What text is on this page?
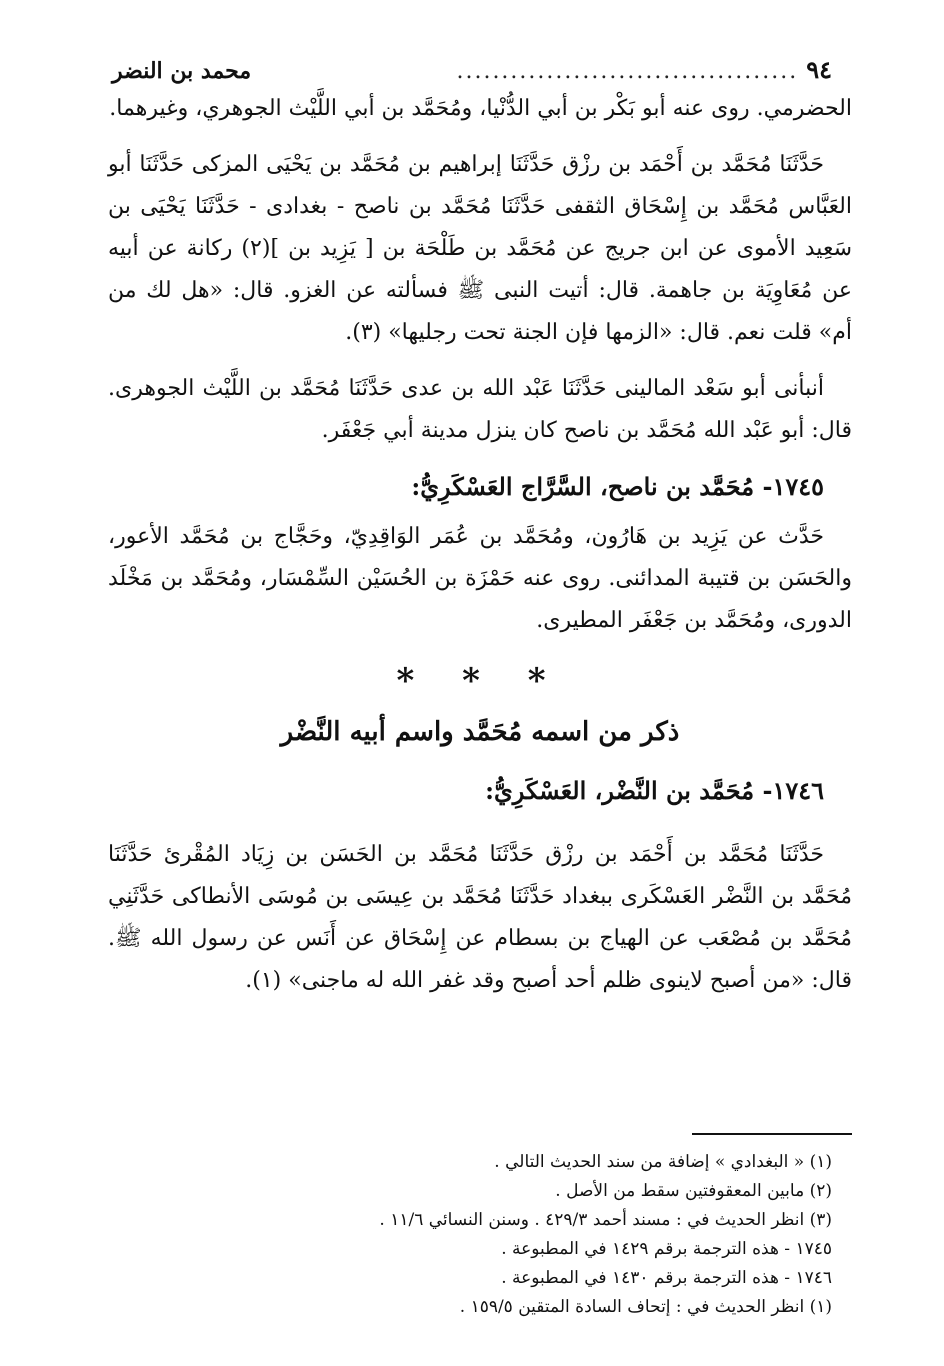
٩٤
......................................
محمد بن النضر

الحضرمي. روى عنه أبو بَكْر بن أبي الدُّنْيا، ومُحَمَّد بن أبي اللَّيْث الجوهري، وغيرهما.

حَدَّثَنَا مُحَمَّد بن أَحْمَد بن رزْق حَدَّثَنَا إبراهيم بن مُحَمَّد بن يَحْيَى المزكى حَدَّثَنَا أبو العَبَّاس مُحَمَّد بن إِسْحَاق الثقفى حَدَّثَنَا مُحَمَّد بن ناصح - بغدادى - حَدَّثَنَا يَحْيَى بن سَعِيد الأموى عن ابن جريج عن مُحَمَّد بن طَلْحَة بن [ يَزِيد بن ](٢) ركانة عن أبيه عن مُعَاوِيَة بن جاهمة. قال: أتيت النبى ﷺ فسألته عن الغزو. قال: «هل لك من أم» قلت نعم. قال: «الزمها فإن الجنة تحت رجليها» (٣).

أنبأنى أبو سَعْد المالينى حَدَّثَنَا عَبْد الله بن عدى حَدَّثَنَا مُحَمَّد بن اللَّيْث الجوهرى. قال: أبو عَبْد الله مُحَمَّد بن ناصح كان ينزل مدينة أبي جَعْفَر.

١٧٤٥- مُحَمَّد بن ناصح، السَّرَّاج العَسْكَرِيُّ:

حَدَّث عن يَزِيد بن هَارُون، ومُحَمَّد بن عُمَر الوَاقِدِيّ، وحَجَّاج بن مُحَمَّد الأعور، والحَسَن بن قتيبة المدائنى. روى عنه حَمْزَة بن الحُسَيْن السِّمْسَار، ومُحَمَّد بن مَخْلَد الدورى، ومُحَمَّد بن جَعْفَر المطيرى.

* * *
ذكر من اسمه مُحَمَّد واسم أبيه النَّضْر
١٧٤٦- مُحَمَّد بن النَّضْر، العَسْكَرِيُّ:

حَدَّثَنَا مُحَمَّد بن أَحْمَد بن رزْق حَدَّثَنَا مُحَمَّد بن الحَسَن بن زِيَاد المُقْرئ حَدَّثَنَا مُحَمَّد بن النَّضْر العَسْكَرى ببغداد حَدَّثَنَا مُحَمَّد بن عِيسَى بن مُوسَى الأنطاكى حَدَّثَنِي مُحَمَّد بن مُصْعَب عن الهياج بن بسطام عن إِسْحَاق عن أَنَس عن رسول الله ﷺ. قال: «من أصبح لاينوى ظلم أحد أصبح وقد غفر الله له ماجنى» (١).

(١) « البغدادي » إضافة من سند الحديث التالي .

(٢) مابين المعقوفتين سقط من الأصل .

(٣) انظر الحديث في : مسند أحمد ٤٢٩/٣ . وسنن النسائي ١١/٦ .

١٧٤٥ - هذه الترجمة برقم ١٤٢٩ في المطبوعة .

١٧٤٦ - هذه الترجمة برقم ١٤٣٠ في المطبوعة .

(١) انظر الحديث في : إتحاف السادة المتقين ١٥٩/٥ .
